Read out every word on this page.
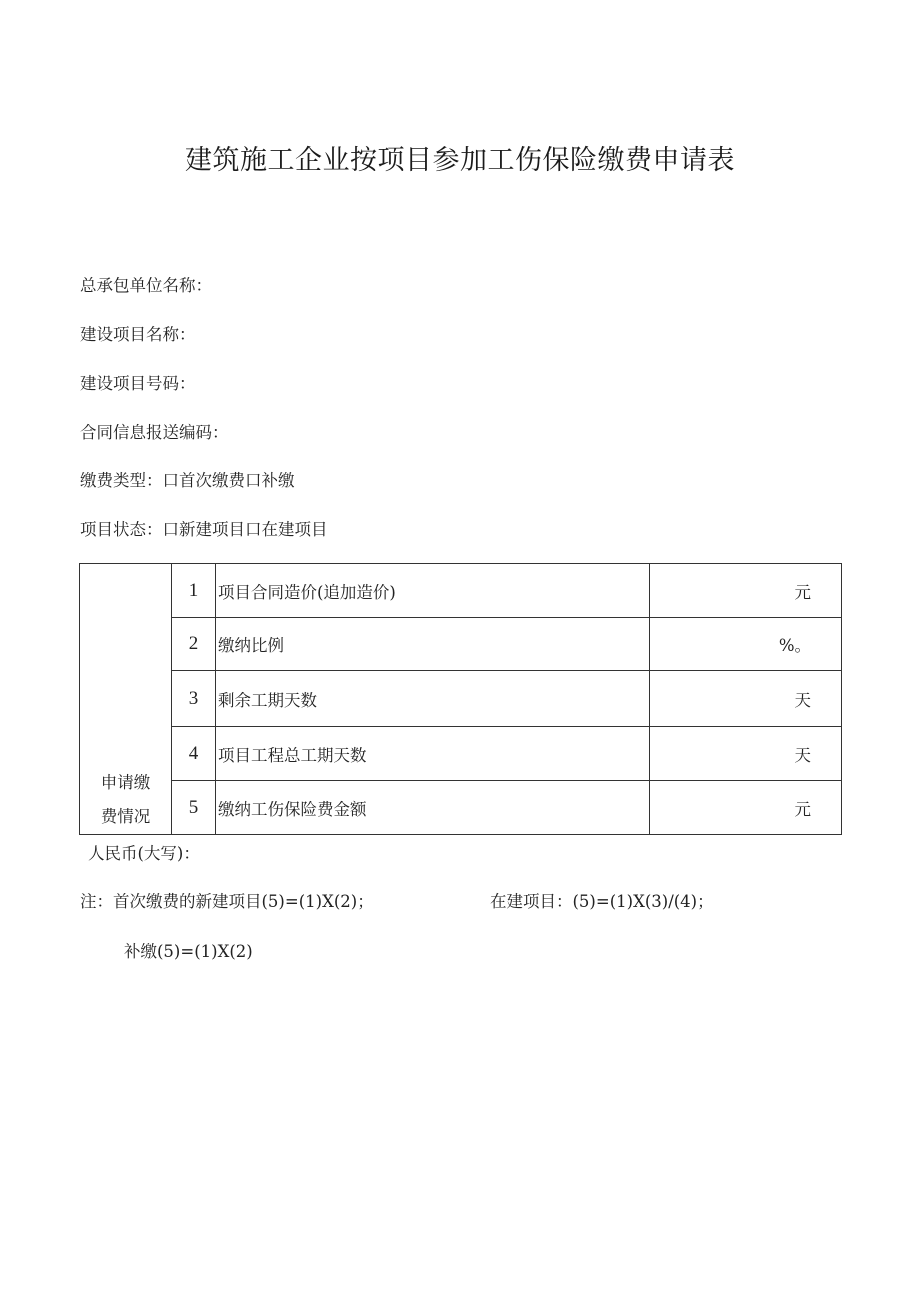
建筑施工企业按项目参加工伤保险缴费申请表
总承包单位名称：
建设项目名称：
建设项目号码：
合同信息报送编码：
缴费类型：口首次缴费口补缴
项目状态：口新建项目口在建项目
申请缴
费情况	1	项目合同造价(追加造价)	元
	2	缴纳比例	%。
	3	剩余工期天数	天
	4	项目工程总工期天数	天
	5	缴纳工伤保险费金额	元
人民币(大写)：
注：首次缴费的新建项目(5)=(1)X(2)；	在建项目：(5)=(1)X(3)/(4)；
补缴(5)=(1)X(2)
